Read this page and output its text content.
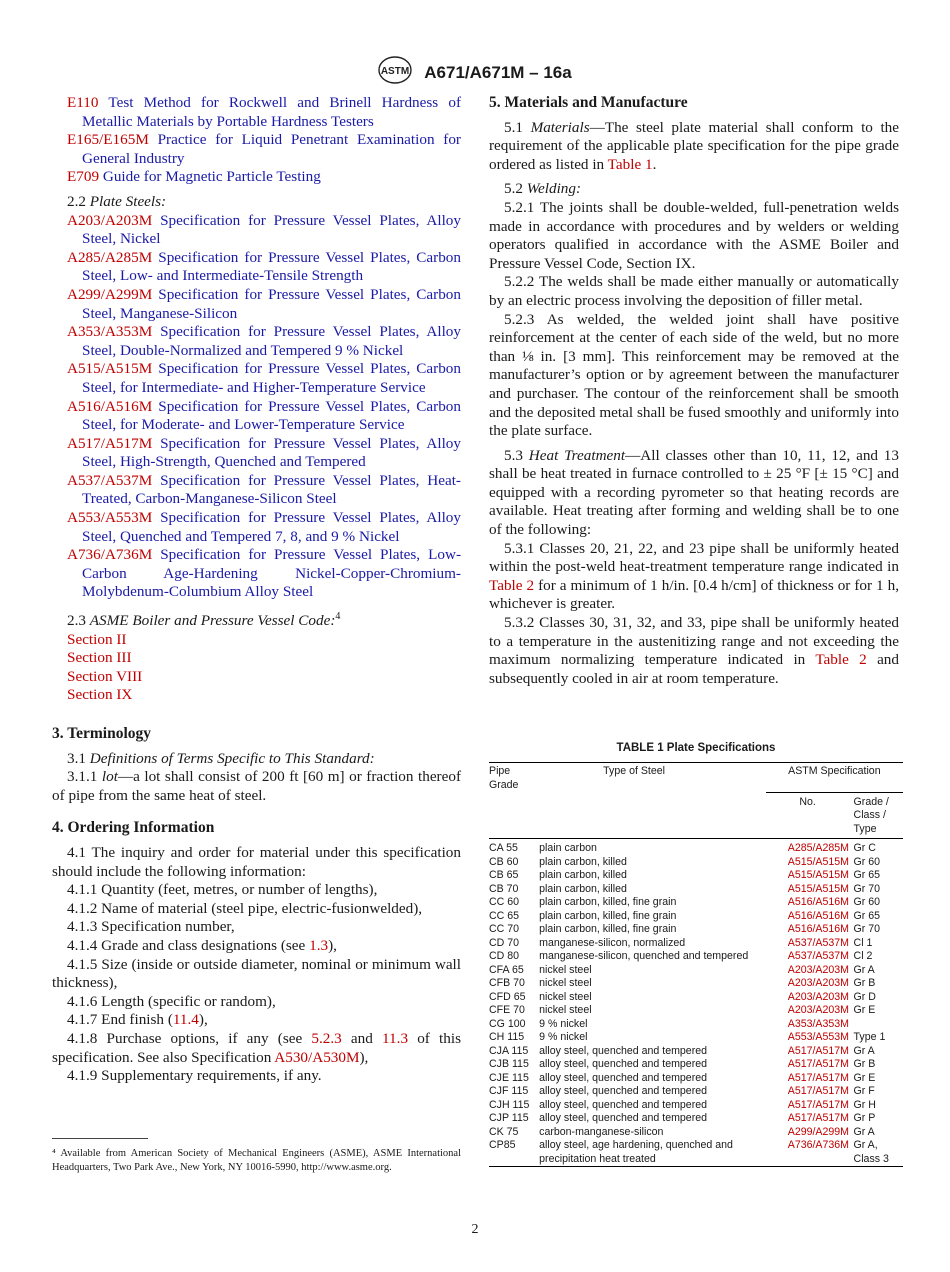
ASTM A671/A671M – 16a

E110 Test Method for Rockwell and Brinell Hardness of Metallic Materials by Portable Hardness Testers

E165/E165M Practice for Liquid Penetrant Examination for General Industry

E709 Guide for Magnetic Particle Testing

2.2 Plate Steels:

A203/A203M Specification for Pressure Vessel Plates, Alloy Steel, Nickel

A285/A285M Specification for Pressure Vessel Plates, Carbon Steel, Low- and Intermediate-Tensile Strength

A299/A299M Specification for Pressure Vessel Plates, Carbon Steel, Manganese-Silicon

A353/A353M Specification for Pressure Vessel Plates, Alloy Steel, Double-Normalized and Tempered 9 % Nickel

A515/A515M Specification for Pressure Vessel Plates, Carbon Steel, for Intermediate- and Higher-Temperature Service

A516/A516M Specification for Pressure Vessel Plates, Carbon Steel, for Moderate- and Lower-Temperature Service

A517/A517M Specification for Pressure Vessel Plates, Alloy Steel, High-Strength, Quenched and Tempered

A537/A537M Specification for Pressure Vessel Plates, Heat-Treated, Carbon-Manganese-Silicon Steel

A553/A553M Specification for Pressure Vessel Plates, Alloy Steel, Quenched and Tempered 7, 8, and 9 % Nickel

A736/A736M Specification for Pressure Vessel Plates, Low-Carbon Age-Hardening Nickel-Copper-Chromium-Molybdenum-Columbium Alloy Steel

2.3 ASME Boiler and Pressure Vessel Code:$^4$

Section II

Section III

Section VIII

Section IX

3. Terminology

3.1 Definitions of Terms Specific to This Standard:

3.1.1 lot—a lot shall consist of 200 ft [60 m] or fraction thereof of pipe from the same heat of steel.

4. Ordering Information

4.1 The inquiry and order for material under this specification should include the following information:

4.1.1 Quantity (feet, metres, or number of lengths),

4.1.2 Name of material (steel pipe, electric-fusionwelded),

4.1.3 Specification number,

4.1.4 Grade and class designations (see 1.3),

4.1.5 Size (inside or outside diameter, nominal or minimum wall thickness),

4.1.6 Length (specific or random),

4.1.7 End finish (11.4),

4.1.8 Purchase options, if any (see 5.2.3 and 11.3 of this specification. See also Specification A530/A530M),

4.1.9 Supplementary requirements, if any.

⁴ Available from American Society of Mechanical Engineers (ASME), ASME International Headquarters, Two Park Ave., New York, NY 10016-5990, http://www.asme.org.
5. Materials and Manufacture

5.1 Materials—The steel plate material shall conform to the requirement of the applicable plate specification for the pipe grade ordered as listed in Table 1.

5.2 Welding:

5.2.1 The joints shall be double-welded, full-penetration welds made in accordance with procedures and by welders or welding operators qualified in accordance with the ASME Boiler and Pressure Vessel Code, Section IX.

5.2.2 The welds shall be made either manually or automatically by an electric process involving the deposition of filler metal.

5.2.3 As welded, the welded joint shall have positive reinforcement at the center of each side of the weld, but no more than ⅛ in. [3 mm]. This reinforcement may be removed at the manufacturer’s option or by agreement between the manufacturer and purchaser. The contour of the reinforcement shall be smooth and the deposited metal shall be fused smoothly and uniformly into the plate surface.

5.3 Heat Treatment—All classes other than 10, 11, 12, and 13 shall be heat treated in furnace controlled to ± 25 °F [± 15 °C] and equipped with a recording pyrometer so that heating records are available. Heat treating after forming and welding shall be to one of the following:

5.3.1 Classes 20, 21, 22, and 23 pipe shall be uniformly heated within the post-weld heat-treatment temperature range indicated in Table 2 for a minimum of 1 h/in. [0.4 h/cm] of thickness or for 1 h, whichever is greater.

5.3.2 Classes 30, 31, 32, and 33, pipe shall be uniformly heated to a temperature in the austenitizing range and not exceeding the maximum normalizing temperature indicated in Table 2 and subsequently cooled in air at room temperature.

TABLE 1 Plate Specifications
Pipe Grade	Type of Steel	ASTM Specification	
		No.	Grade / Class / Type
CA 55	plain carbon	A285/A285M	Gr C
CB 60	plain carbon, killed	A515/A515M	Gr 60
CB 65	plain carbon, killed	A515/A515M	Gr 65
CB 70	plain carbon, killed	A515/A515M	Gr 70
CC 60	plain carbon, killed, fine grain	A516/A516M	Gr 60
CC 65	plain carbon, killed, fine grain	A516/A516M	Gr 65
CC 70	plain carbon, killed, fine grain	A516/A516M	Gr 70
CD 70	manganese-silicon, normalized	A537/A537M	Cl 1
CD 80	manganese-silicon, quenched and tempered	A537/A537M	Cl 2
CFA 65	nickel steel	A203/A203M	Gr A
CFB 70	nickel steel	A203/A203M	Gr B
CFD 65	nickel steel	A203/A203M	Gr D
CFE 70	nickel steel	A203/A203M	Gr E
CG 100	9 % nickel	A353/A353M	
CH 115	9 % nickel	A553/A553M	Type 1
CJA 115	alloy steel, quenched and tempered	A517/A517M	Gr A
CJB 115	alloy steel, quenched and tempered	A517/A517M	Gr B
CJE 115	alloy steel, quenched and tempered	A517/A517M	Gr E
CJF 115	alloy steel, quenched and tempered	A517/A517M	Gr F
CJH 115	alloy steel, quenched and tempered	A517/A517M	Gr H
CJP 115	alloy steel, quenched and tempered	A517/A517M	Gr P
CK 75	carbon-manganese-silicon	A299/A299M	Gr A
CP85	alloy steel, age hardening, quenched and precipitation heat treated	A736/A736M	Gr A, Class 3
2
